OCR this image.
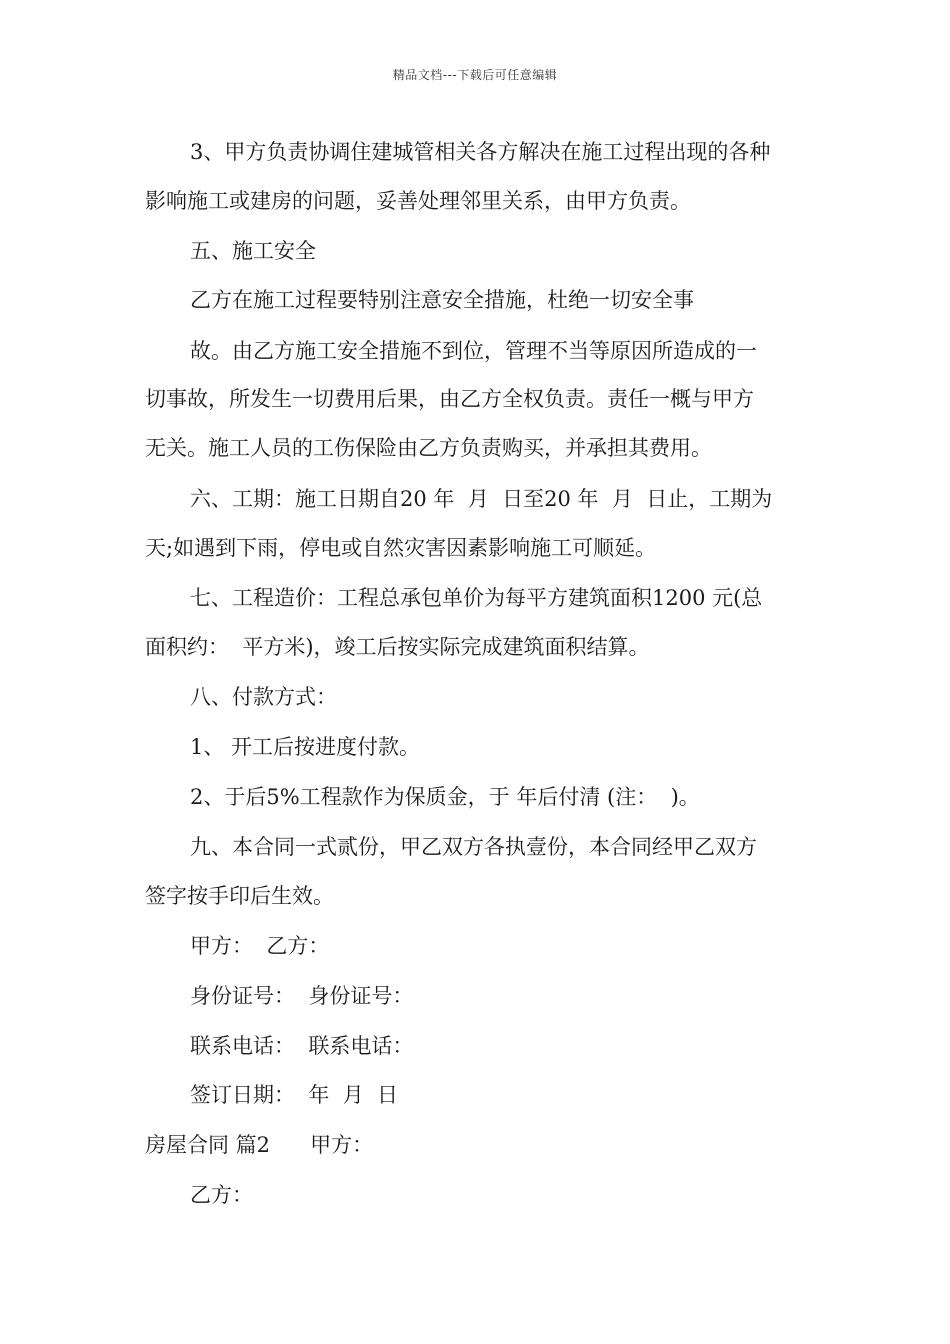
精品文档---下载后可任意编辑
3、甲方负责协调住建城管相关各方解决在施工过程出现的各种
影响施工或建房的问题，妥善处理邻里关系，由甲方负责。
五、施工安全
乙方在施工过程要特别注意安全措施，杜绝一切安全事
故。由乙方施工安全措施不到位，管理不当等原因所造成的一
切事故，所发生一切费用后果，由乙方全权负责。责任一概与甲方
无关。施工人员的工伤保险由乙方负责购买，并承担其费用。
六、工期：施工日期自20 年  月  日至20 年  月  日止，工期为
天;如遇到下雨，停电或自然灾害因素影响施工可顺延。
七、工程造价：工程总承包单价为每平方建筑面积1200 元(总
面积约：  平方米)，竣工后按实际完成建筑面积结算。
八、付款方式：
1、 开工后按进度付款。
2、于后5%工程款作为保质金，于 年后付清 (注：  )。
九、本合同一式贰份，甲乙双方各执壹份，本合同经甲乙双方
签字按手印后生效。
甲方：  乙方：
身份证号：  身份证号：
联系电话：  联系电话：
签订日期：  年  月  日
房屋合同 篇2      甲方：
乙方：
